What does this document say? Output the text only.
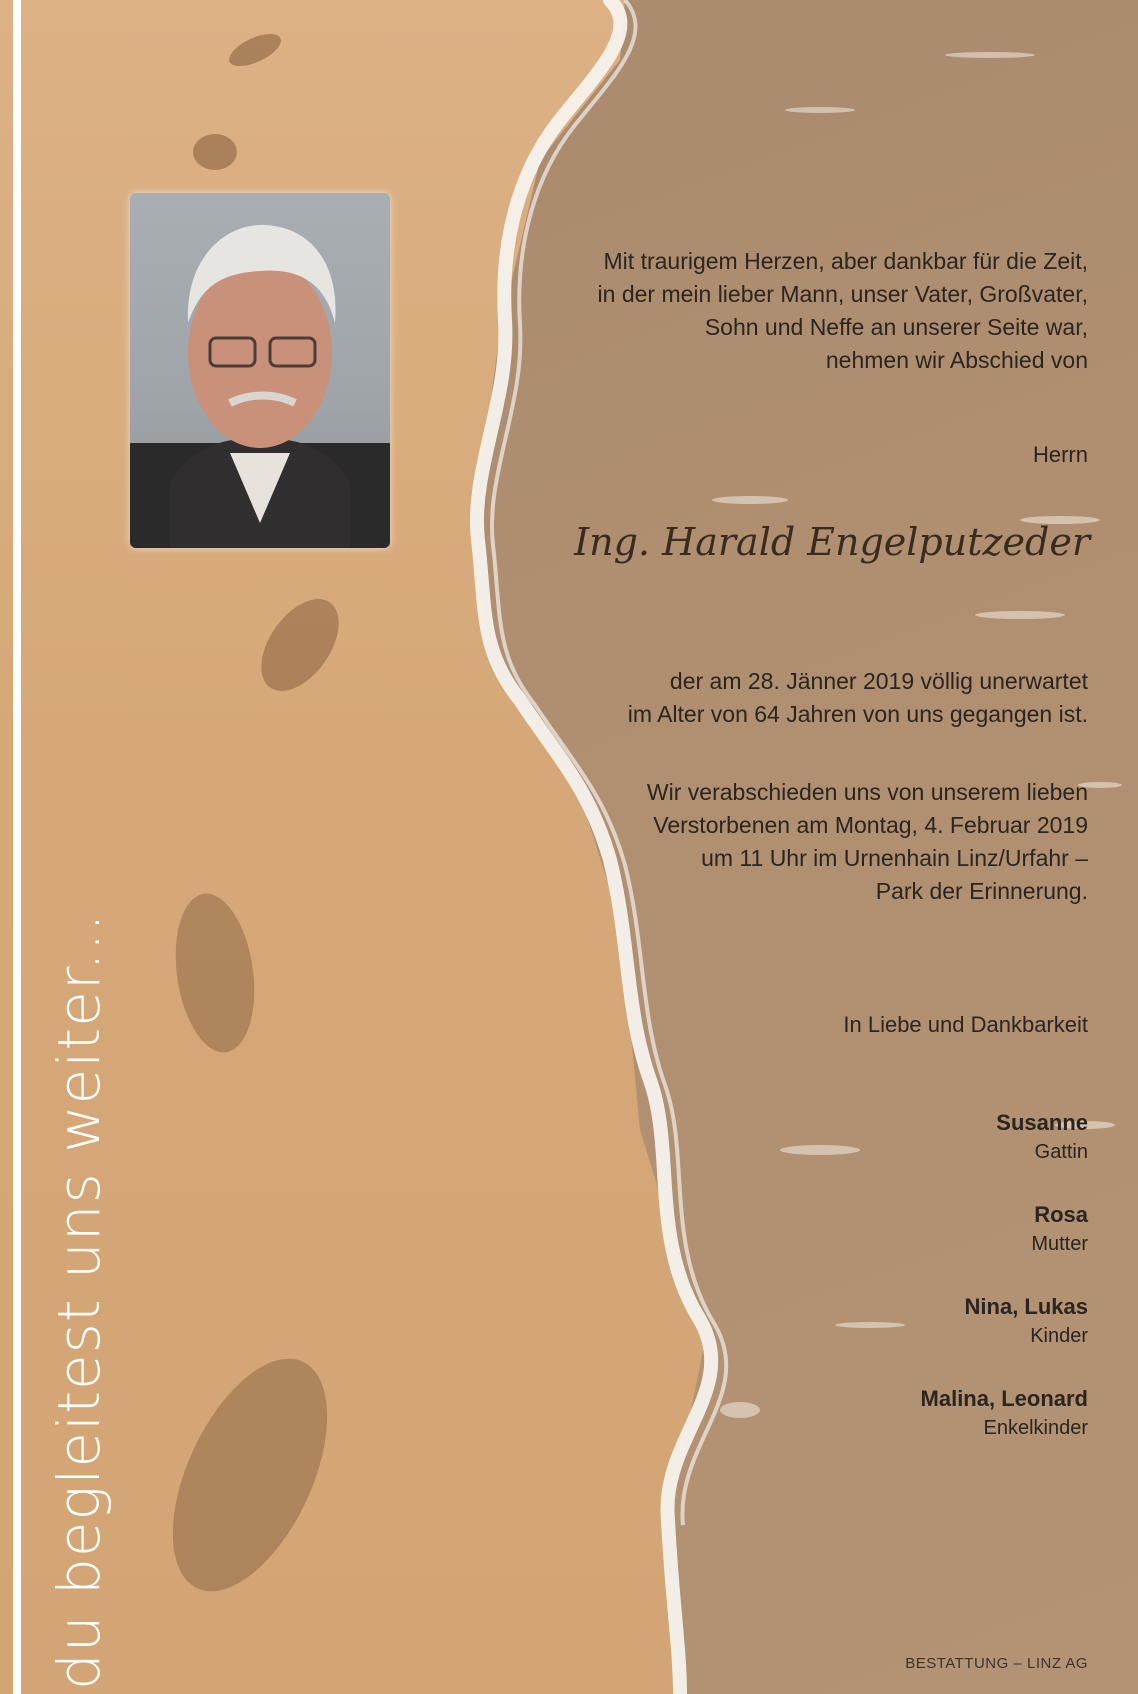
du begleitest uns weiter...

Mit traurigem Herzen, aber dankbar für die Zeit,

in der mein lieber Mann, unser Vater, Großvater,

Sohn und Neffe an unserer Seite war,

nehmen wir Abschied von

Herrn
Ing. Harald Engelputzeder

der am 28. Jänner 2019 völlig unerwartet

im Alter von 64 Jahren von uns gegangen ist.

Wir verabschieden uns von unserem lieben

Verstorbenen am Montag, 4. Februar 2019

um 11 Uhr im Urnenhain Linz/Urfahr –

Park der Erinnerung.

In Liebe und Dankbarkeit
Susanne
Gattin
Rosa
Mutter
Nina, Lukas
Kinder
Malina, Leonard
Enkelkinder
BESTATTUNG – LINZ AG
